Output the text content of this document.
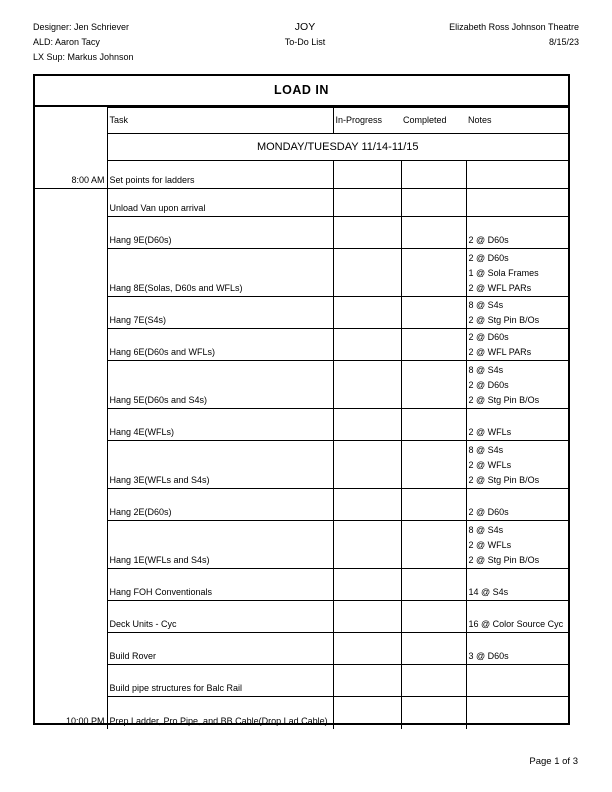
Designer: Jen Schriever
ALD: Aaron Tacy
LX Sup: Markus Johnson
JOY
To-Do List
Elizabeth Ross Johnson Theatre
8/15/23
LOAD IN
	Task	In-Progress	Completed	Notes
	MONDAY/TUESDAY 11/14-11/15			
8:00 AM	Set points for ladders			
	Unload Van upon arrival			
	Hang 9E(D60s)			2 @ D60s

	Hang 8E(Solas, D60s and WFLs)			2 @ D60s
1 @ Sola Frames
2 @ WFL PARs

	Hang 7E(S4s)			8 @ S4s
2 @ Stg Pin B/Os

	Hang 6E(D60s and WFLs)			2 @ D60s
2 @ WFL PARs

	Hang 5E(D60s and S4s)			8 @ S4s
2 @ D60s
2 @ Stg Pin B/Os

	Hang 4E(WFLs)			2 @ WFLs

	Hang 3E(WFLs and S4s)			8 @ S4s
2 @ WFLs
2 @ Stg Pin B/Os

	Hang 2E(D60s)			2 @ D60s

	Hang 1E(WFLs and S4s)			8 @ S4s
2 @ WFLs
2 @ Stg Pin B/Os

	Hang FOH Conventionals			14 @ S4s

	Deck Units - Cyc			16 @ Color Source Cyc

	Build Rover			3 @ D60s

	Build pipe structures for Balc Rail			
10:00 PM	Prep Ladder, Pro Pipe, and BB Cable(Drop Lad Cable)			
Page 1 of 3
